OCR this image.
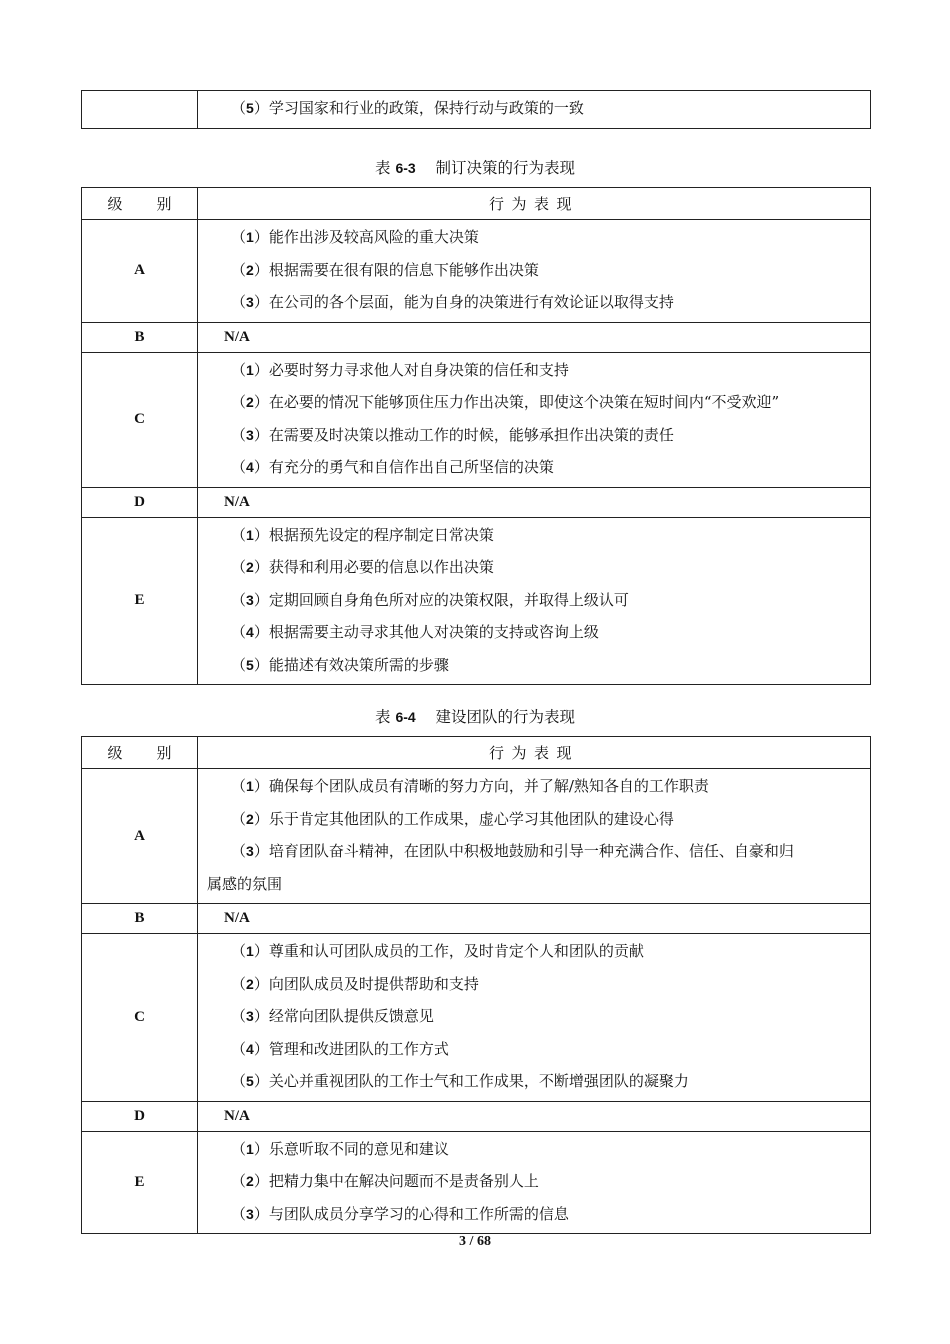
（5）学习国家和行业的政策，保持行动与政策的一致
表 6-3 制订决策的行为表现
级 别	行为表现
A	（1）能作出涉及较高风险的重大决策
（2）根据需要在很有限的信息下能够作出决策
（3）在公司的各个层面，能为自身的决策进行有效论证以取得支持

B	N/A
C	（1）必要时努力寻求他人对自身决策的信任和支持
（2）在必要的情况下能够顶住压力作出决策，即使这个决策在短时间内“不受欢迎”
（3）在需要及时决策以推动工作的时候，能够承担作出决策的责任
（4）有充分的勇气和自信作出自己所坚信的决策

D	N/A
E	（1）根据预先设定的程序制定日常决策
（2）获得和利用必要的信息以作出决策
（3）定期回顾自身角色所对应的决策权限，并取得上级认可
（4）根据需要主动寻求其他人对决策的支持或咨询上级
（5）能描述有效决策所需的步骤
表 6-4 建设团队的行为表现
级 别	行为表现
A	（1）确保每个团队成员有清晰的努力方向，并了解/熟知各自的工作职责
（2）乐于肯定其他团队的工作成果，虚心学习其他团队的建设心得
（3）培育团队奋斗精神，在团队中积极地鼓励和引导一种充满合作、信任、自豪和归
属感的氛围

B	N/A
C	（1）尊重和认可团队成员的工作，及时肯定个人和团队的贡献
（2）向团队成员及时提供帮助和支持
（3）经常向团队提供反馈意见
（4）管理和改进团队的工作方式
（5）关心并重视团队的工作士气和工作成果，不断增强团队的凝聚力

D	N/A
E	（1）乐意听取不同的意见和建议
（2）把精力集中在解决问题而不是责备别人上
（3）与团队成员分享学习的心得和工作所需的信息
3 / 68
